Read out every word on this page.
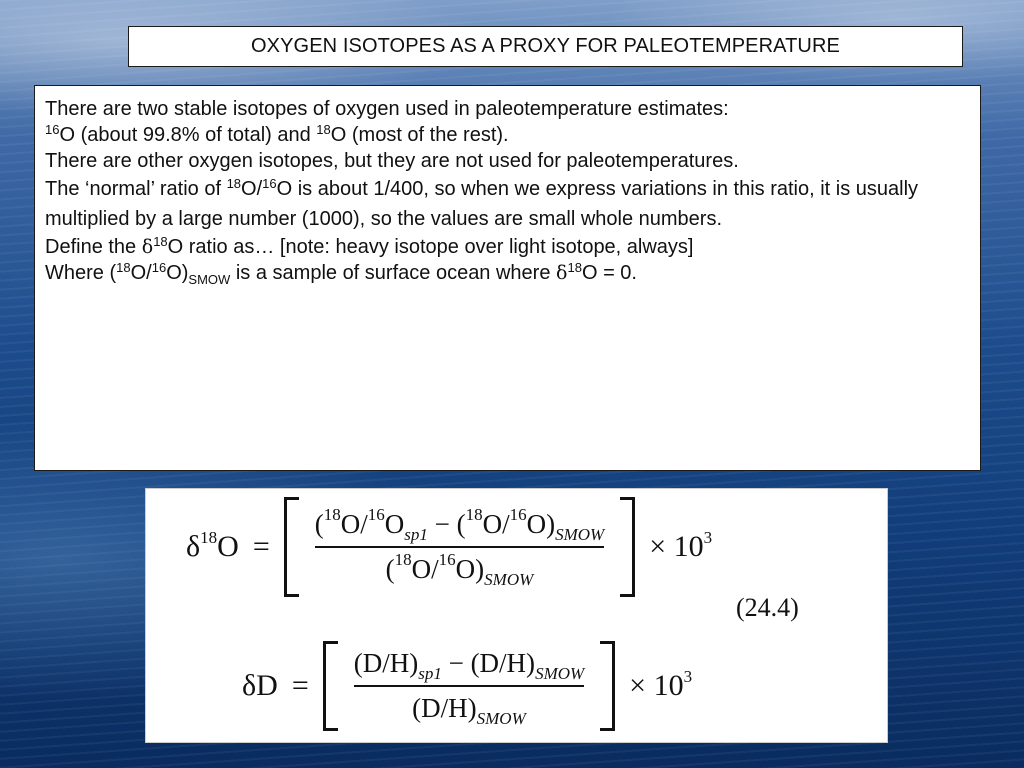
OXYGEN ISOTOPES AS A PROXY FOR PALEOTEMPERATURE

There are two stable isotopes of oxygen used in paleotemperature estimates:

$^{16}$O (about 99.8% of total) and $^{18}$O (most of the rest).

There are other oxygen isotopes, but they are not used for paleotemperatures.

The ‘normal’ ratio of $^{18}$O/$^{16}$O is about 1/400, so when we express variations in this ratio, it is usually multiplied by a large number (1000), so the values are small whole numbers.

Define the $\delta^{18}O$ ratio as… [note: heavy isotope over light isotope, always]

Where $(^{18}O/^{16}O)_{SMOW}$ is a sample of surface ocean where $\delta^{18}O = 0$.

$\delta^{18}O = \frac{(^{18}O/^{16}O_{sp1} - (^{18}O/^{16}O)_{SMOW}}{(^{18}O/^{16}O)_{SMOW}} \times 10^3$
(24.4)
$\delta D = \frac{(D/H)_{sp1} - (D/H)_{SMOW}}{(D/H)_{SMOW}} \times 10^3$
